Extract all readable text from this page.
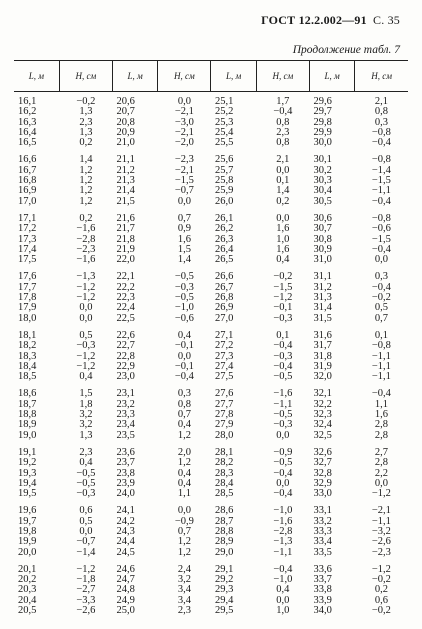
ГОСТ 12.2.002—91 С. 35
Продолжение табл. 7
L, м	H, см	L, м	H, см	L, м	H, см	L, м	H, см
16,1	−0,2	20,6	0,0	25,1	1,7	29,6	2,1
16,2	1,3	20,7	−2,1	25,2	−0,4	29,7	0,8
16,3	2,3	20,8	−3,0	25,3	0,8	29,8	0,3
16,4	1,3	20,9	−2,1	25,4	2,3	29,9	−0,8
16,5	0,2	21,0	−2,0	25,5	0,8	30,0	−0,4

16,6	1,4	21,1	−2,3	25,6	2,1	30,1	−0,8
16,7	1,2	21,2	−2,1	25,7	0,0	30,2	−1,4
16,8	1,2	21,3	−1,5	25,8	0,1	30,3	−1,5
16,9	1,2	21,4	−0,7	25,9	1,4	30,4	−1,1
17,0	1,2	21,5	0,0	26,0	0,2	30,5	−0,4

17,1	0,2	21,6	0,7	26,1	0,0	30,6	−0,8
17,2	−1,6	21,7	0,9	26,2	1,6	30,7	−0,6
17,3	−2,8	21,8	1,6	26,3	1,0	30,8	−1,5
17,4	−2,3	21,9	1,5	26,4	1,6	30,9	−0,4
17,5	−1,6	22,0	1,4	26,5	0,4	31,0	0,0

17,6	−1,3	22,1	−0,5	26,6	−0,2	31,1	0,3
17,7	−1,2	22,2	−0,3	26,7	−1,5	31,2	−0,4
17,8	−1,2	22,3	−0,5	26,8	−1,2	31,3	−0,2
17,9	0,0	22,4	−1,0	26,9	−0,1	31,4	0,5
18,0	0,0	22,5	−0,6	27,0	−0,3	31,5	0,7

18,1	0,5	22,6	0,4	27,1	0,1	31,6	0,1
18,2	−0,3	22,7	−0,1	27,2	−0,4	31,7	−0,8
18,3	−1,2	22,8	0,0	27,3	−0,3	31,8	−1,1
18,4	−1,2	22,9	−0,1	27,4	−0,4	31,9	−1,1
18,5	0,4	23,0	−0,4	27,5	−0,5	32,0	−1,1

18,6	1,5	23,1	0,3	27,6	−1,6	32,1	−0,4
18,7	1,8	23,2	0,8	27,7	−1,1	32,2	1,1
18,8	3,2	23,3	0,7	27,8	−0,5	32,3	1,6
18,9	3,2	23,4	0,4	27,9	−0,3	32,4	2,8
19,0	1,3	23,5	1,2	28,0	0,0	32,5	2,8

19,1	2,3	23,6	2,0	28,1	−0,9	32,6	2,7
19,2	0,4	23,7	1,2	28,2	−0,5	32,7	2,8
19,3	−0,5	23,8	0,4	28,3	−0,4	32,8	2,2
19,4	−0,5	23,9	0,4	28,4	0,0	32,9	0,0
19,5	−0,3	24,0	1,1	28,5	−0,4	33,0	−1,2

19,6	0,6	24,1	0,0	28,6	−1,0	33,1	−2,1
19,7	0,5	24,2	−0,9	28,7	−1,6	33,2	−1,1
19,8	0,0	24,3	0,7	28,8	−2,8	33,3	−3,2
19,9	−0,7	24,4	1,2	28,9	−1,3	33,4	−2,6
20,0	−1,4	24,5	1,2	29,0	−1,1	33,5	−2,3

20,1	−1,2	24,6	2,4	29,1	−0,4	33,6	−1,2
20,2	−1,8	24,7	3,2	29,2	−1,0	33,7	−0,2
20,3	−2,7	24,8	3,4	29,3	0,4	33,8	0,2
20,4	−3,3	24,9	3,4	29,4	0,0	33,9	0,6
20,5	−2,6	25,0	2,3	29,5	1,0	34,0	−0,2
